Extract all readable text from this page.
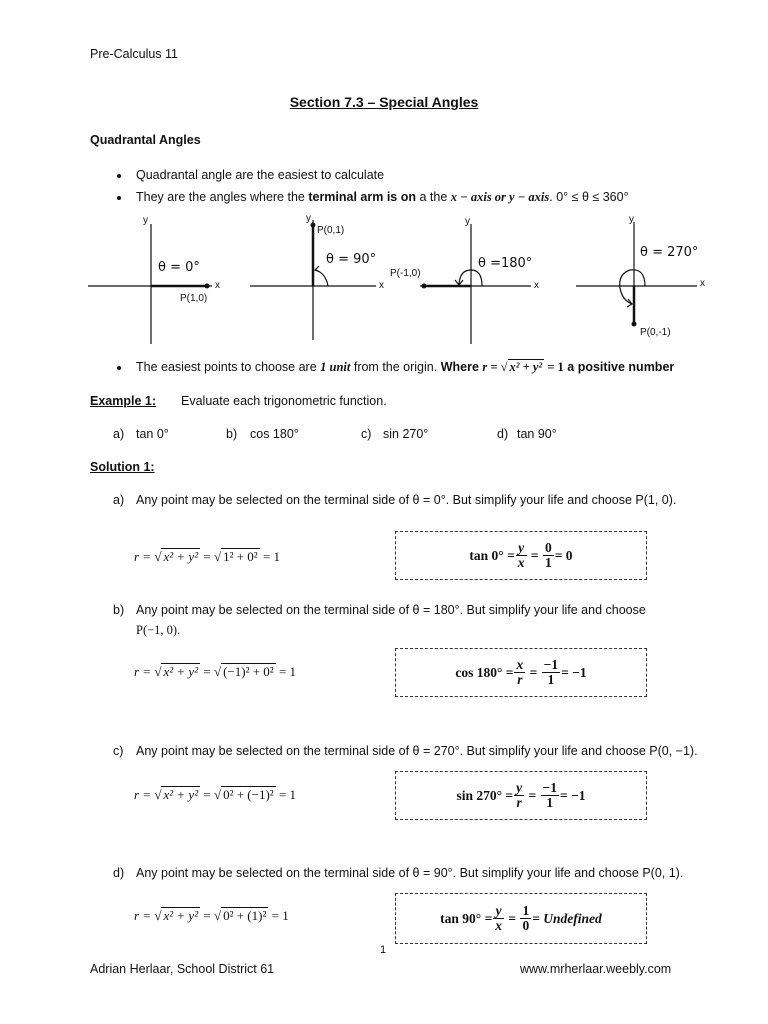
Pre-Calculus 11
Section 7.3 – Special Angles
Quadrantal Angles
Quadrantal angle are the easiest to calculate
They are the angles where the terminal arm is on a the x − axis or y − axis. 0° ≤ θ ≤ 360°
y
x
θ = 0°
P(1,0)
y
x
θ = 90°
P(0,1)
y
x
θ =180°
P(-1,0)
y
x
θ = 270°
P(0,-1)
The easiest points to choose are 1 unit from the origin. Where r = √ x² + y² = 1 a positive number
Example 1: Evaluate each trigonometric function.
a) tan 0°	b) cos 180°	c) sin 270°	d) tan 90°
Solution 1:
a) Any point may be selected on the terminal side of θ = 0°. But simplify your life and choose P(1, 0).
r = √ x² + y² = √ 1² + 0² = 1	$\tan 0^\circ = \frac{y}{x} = \frac{0}{1} = 0$
b) Any point may be selected on the terminal side of θ = 180°. But simplify your life and choose
P(−1, 0).
r = √ x² + y² = √ (−1)² + 0² = 1	$\cos 180^\circ = \frac{x}{r} = \frac{-1}{1} = -1$
c) Any point may be selected on the terminal side of θ = 270°. But simplify your life and choose P(0, −1).
r = √ x² + y² = √ 0² + (−1)² = 1	$\sin 270^\circ = \frac{y}{r} = \frac{-1}{1} = -1$
d) Any point may be selected on the terminal side of θ = 90°. But simplify your life and choose P(0, 1).
r = √ x² + y² = √ 0² + (1)² = 1	$\tan 90^\circ = \frac{y}{x} = \frac{1}{0}$ = Undefined
1
Adrian Herlaar, School District 61	www.mrherlaar.weebly.com
